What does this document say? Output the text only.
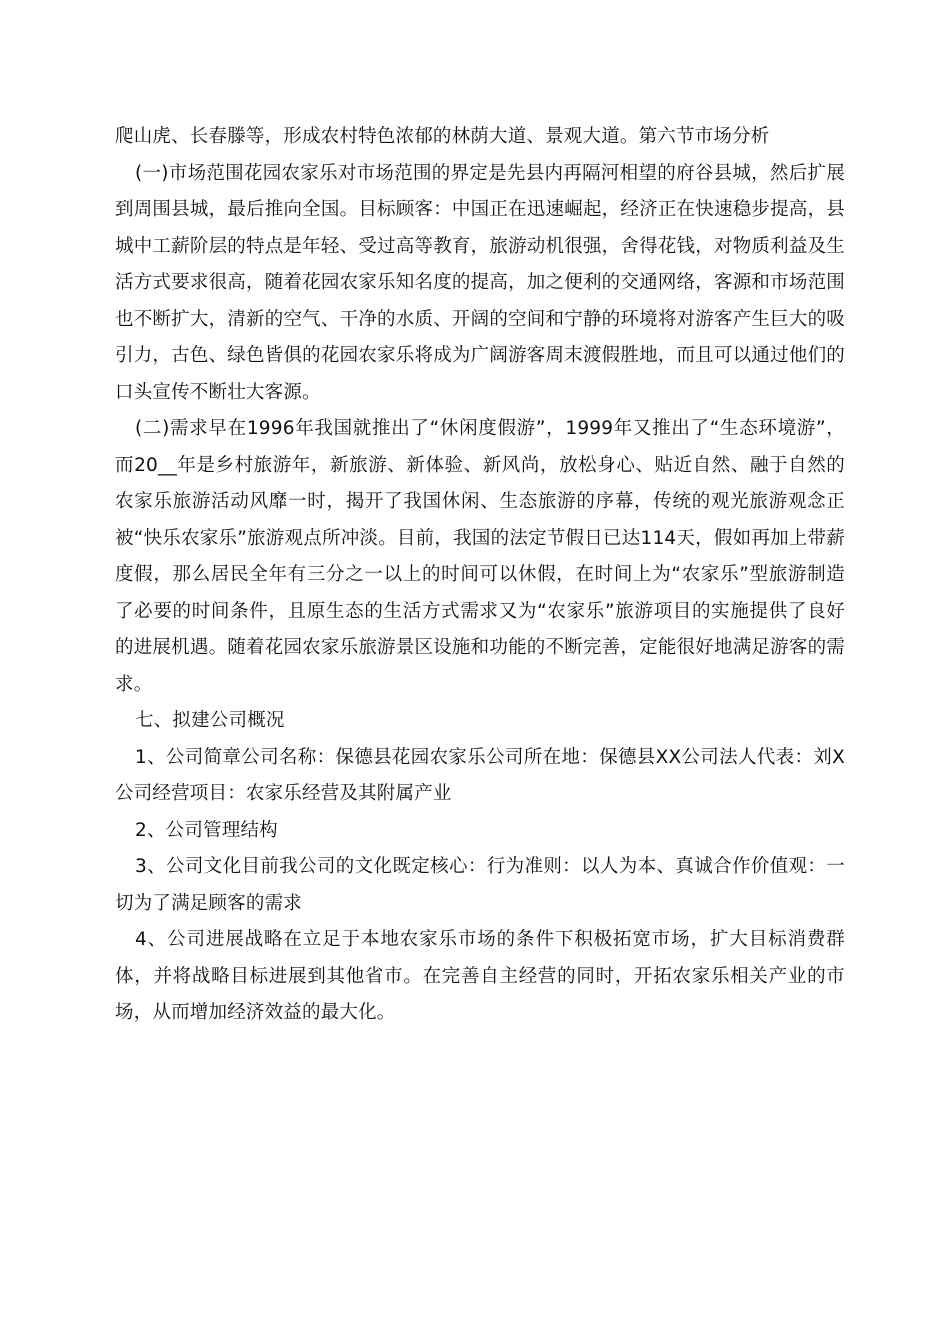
爬山虎、长春滕等，形成农村特色浓郁的林荫大道、景观大道。第六节市场分析

(一)市场范围花园农家乐对市场范围的界定是先县内再隔河相望的府谷县城，然后扩展到周围县城，最后推向全国。目标顾客：中国正在迅速崛起，经济正在快速稳步提高，县城中工薪阶层的特点是年轻、受过高等教育，旅游动机很强，舍得花钱，对物质利益及生活方式要求很高，随着花园农家乐知名度的提高，加之便利的交通网络，客源和市场范围也不断扩大，清新的空气、干净的水质、开阔的空间和宁静的环境将对游客产生巨大的吸引力，古色、绿色皆俱的花园农家乐将成为广阔游客周末渡假胜地，而且可以通过他们的口头宣传不断壮大客源。

(二)需求早在1996年我国就推出了“休闲度假游”，1999年又推出了“生态环境游”，而20__年是乡村旅游年，新旅游、新体验、新风尚，放松身心、贴近自然、融于自然的农家乐旅游活动风靡一时，揭开了我国休闲、生态旅游的序幕，传统的观光旅游观念正被“快乐农家乐”旅游观点所冲淡。目前，我国的法定节假日已达114天，假如再加上带薪度假，那么居民全年有三分之一以上的时间可以休假，在时间上为“农家乐”型旅游制造了必要的时间条件，且原生态的生活方式需求又为“农家乐”旅游项目的实施提供了良好的进展机遇。随着花园农家乐旅游景区设施和功能的不断完善，定能很好地满足游客的需求。

七、拟建公司概况

1、公司简章公司名称：保德县花园农家乐公司所在地：保德县XX公司法人代表：刘X公司经营项目：农家乐经营及其附属产业

2、公司管理结构

3、公司文化目前我公司的文化既定核心：行为准则：以人为本、真诚合作价值观：一切为了满足顾客的需求

4、公司进展战略在立足于本地农家乐市场的条件下积极拓宽市场，扩大目标消费群体，并将战略目标进展到其他省市。在完善自主经营的同时，开拓农家乐相关产业的市场，从而增加经济效益的最大化。
